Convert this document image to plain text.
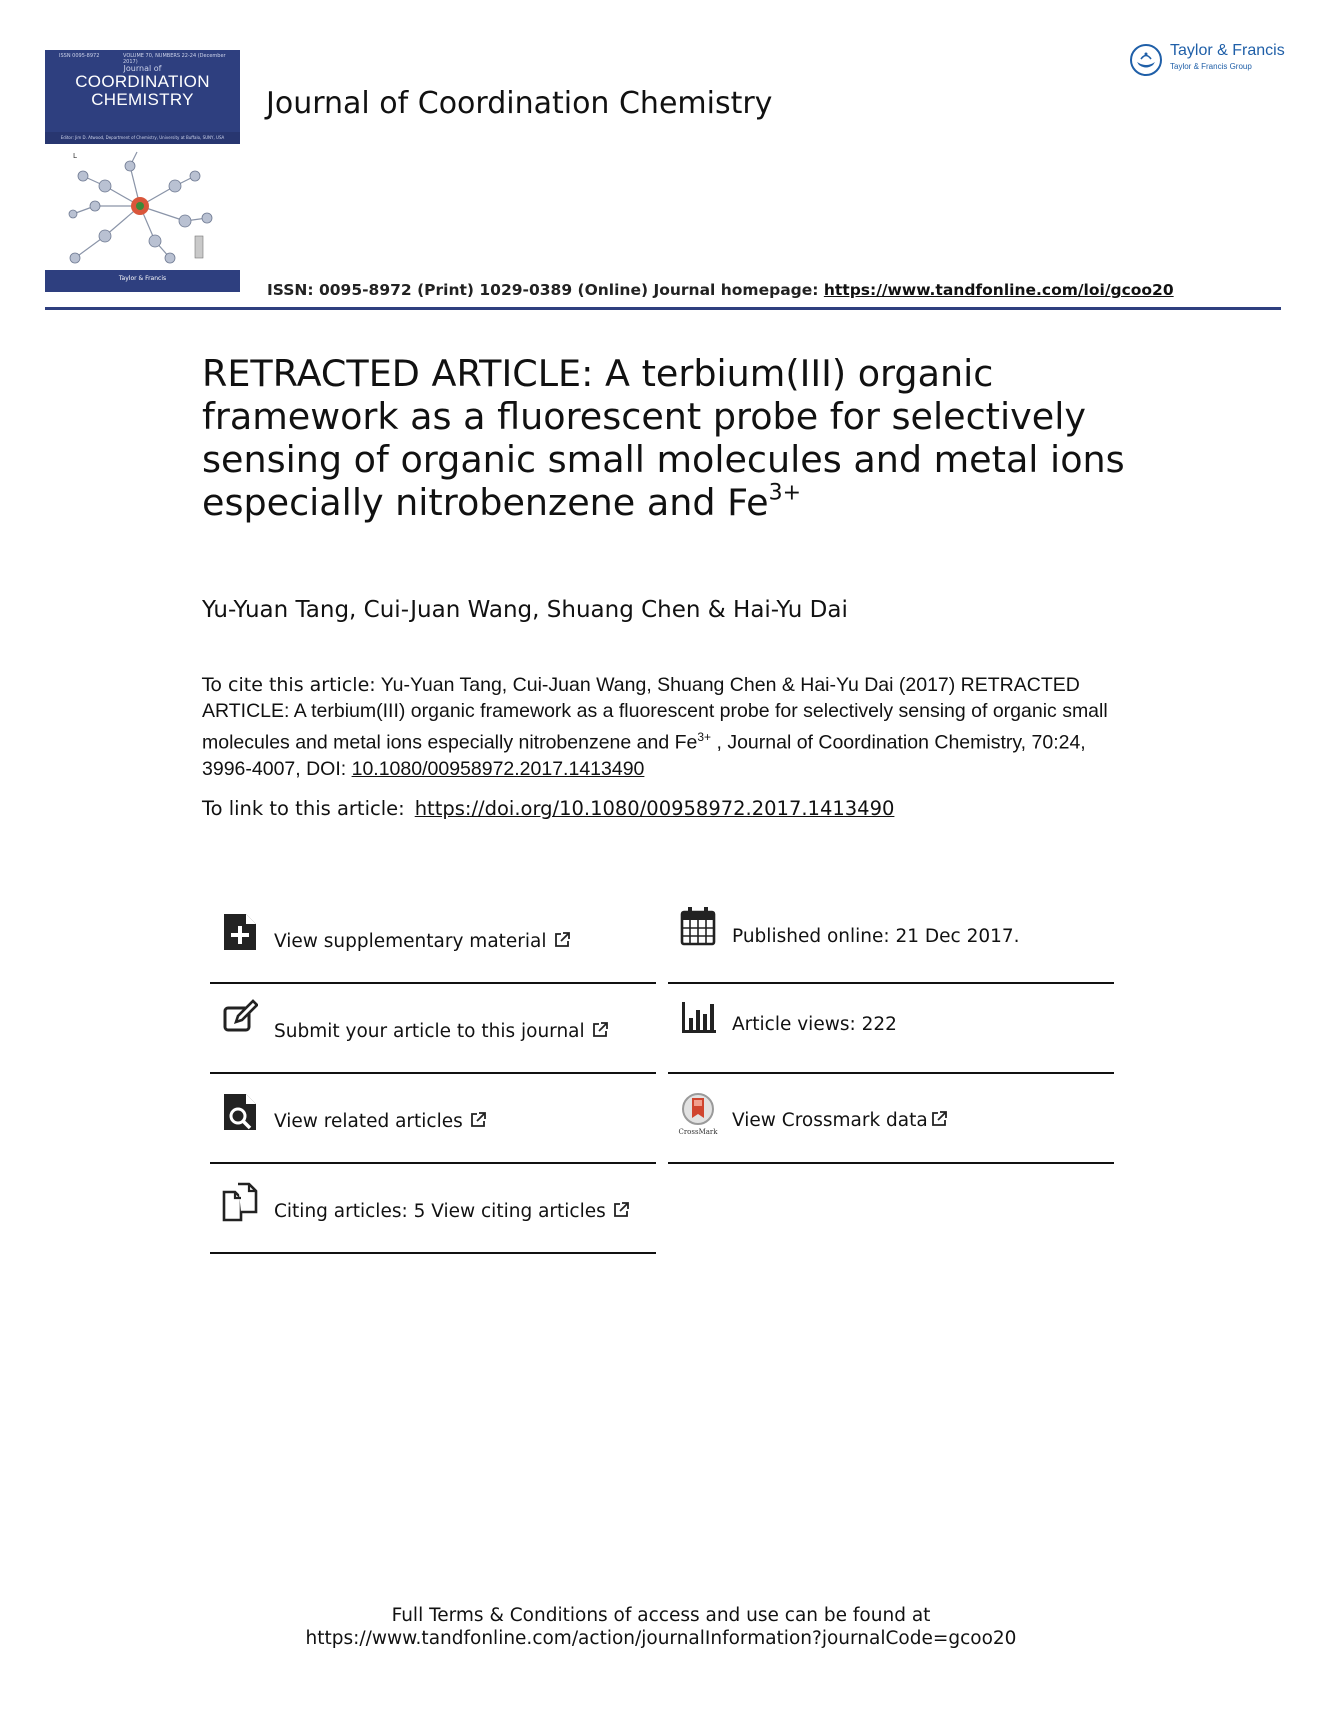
ISSN 0095-8972	VOLUME 70, NUMBERS 22-24 (December 2017)
Journal of
COORDINATION
CHEMISTRY
Editor: Jim D. Atwood, Department of Chemistry, University at Buffalo, SUNY, USA
L
Taylor & Francis
Journal of Coordination Chemistry
Taylor & Francis
Taylor & Francis Group
ISSN: 0095-8972 (Print) 1029-0389 (Online) Journal homepage: https://www.tandfonline.com/loi/gcoo20
RETRACTED ARTICLE: A terbium(III) organic framework as a fluorescent probe for selectively sensing of organic small molecules and metal ions especially nitrobenzene and $Fe^{3+}$
Yu-Yuan Tang, Cui-Juan Wang, Shuang Chen & Hai-Yu Dai
To cite this article: Yu-Yuan Tang, Cui-Juan Wang, Shuang Chen & Hai-Yu Dai (2017) RETRACTED ARTICLE: A terbium(III) organic framework as a fluorescent probe for selectively sensing of organic small molecules and metal ions especially nitrobenzene and $Fe^{3+}$ , Journal of Coordination Chemistry, 70:24, 3996-4007, DOI: 10.1080/00958972.2017.1413490
To link to this article: https://doi.org/10.1080/00958972.2017.1413490
View supplementary material
Submit your article to this journal
View related articles
Citing articles: 5 View citing articles
Published online: 21 Dec 2017.
Article views: 222
CrossMark
View Crossmark data
Full Terms & Conditions of access and use can be found at
https://www.tandfonline.com/action/journalInformation?journalCode=gcoo20
